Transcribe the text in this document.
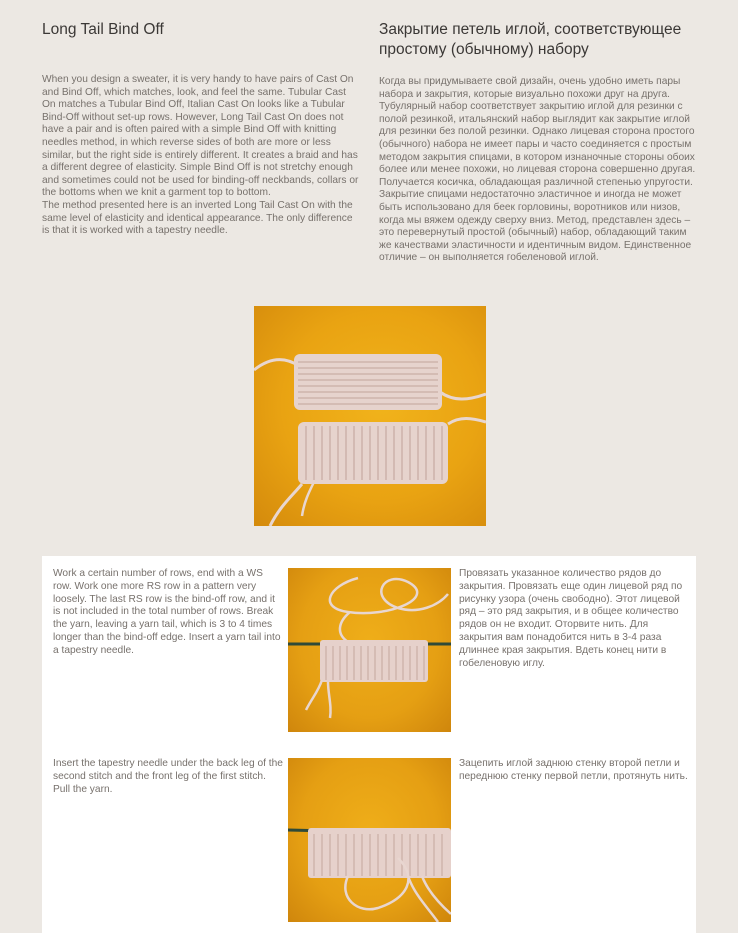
Long Tail Bind Off	Закрытие петель иглой, соответствующее простому (обычному) набору

When you design a sweater, it is very handy to have pairs of Cast On and Bind Off, which matches, look, and feel the same. Tubular Cast On matches a Tubular Bind Off, Italian Cast On looks like a Tubular Bind-Off without set-up rows. However, Long Tail Cast On does not have a pair and is often paired with a simple Bind Off with knitting needles method, in which reverse sides of both are more or less similar, but the right side is entirely different. It creates a braid and has a different degree of elasticity. Simple Bind Off is not stretchy enough and sometimes could not be used for binding-off neckbands, collars or the bottoms when we knit a garment top to bottom.

The method presented here is an inverted Long Tail Cast On with the same level of elasticity and identical appearance. The only difference is that it is worked with a tapestry needle.

Когда вы придумываете свой дизайн, очень удобно иметь пары набора и закрытия, которые визуально похожи друг на друга. Тубулярный набор соответствует закрытию иглой для резинки с полой резинкой, итальянский набор выглядит как закрытие иглой для резинки без полой резинки. Однако лицевая сторона простого (обычного) набора не имеет пары и часто соединяется с простым методом закрытия спицами, в котором изнаночные стороны обоих более или менее похожи, но лицевая сторона совершенно другая. Получается косичка, обладающая различной степенью упругости. Закрытие спицами недостаточно эластичное и иногда не может быть использовано для беек горловины, воротников или низов, когда мы вяжем одежду сверху вниз. Метод, представлен здесь – это перевернутый простой (обычный) набор, обладающий таким же качествами эластичности и идентичным видом. Единственное отличие – он выполняется гобеленовой иглой.

Work a certain number of rows, end with a WS row. Work one more RS row in a pattern very loosely. The last RS row is the bind-off row, and it is not included in the total number of rows. Break the yarn, leaving a yarn tail, which is 3 to 4 times longer than the bind-off edge. Insert a yarn tail into a tapestry needle.

Провязать указанное количество рядов до закрытия. Провязать еще один лицевой ряд по рисунку узора (очень свободно). Этот лицевой ряд – это ряд закрытия, и в общее количество рядов он не входит. Оторвите нить. Для закрытия вам понадобится нить в 3-4 раза длиннее края закрытия. Вдеть конец нити в гобеленовую иглу.

Insert the tapestry needle under the back leg of the second stitch and the front leg of the first stitch. Pull the yarn.

Зацепить иглой заднюю стенку второй петли и переднюю стенку первой петли, протянуть нить.
